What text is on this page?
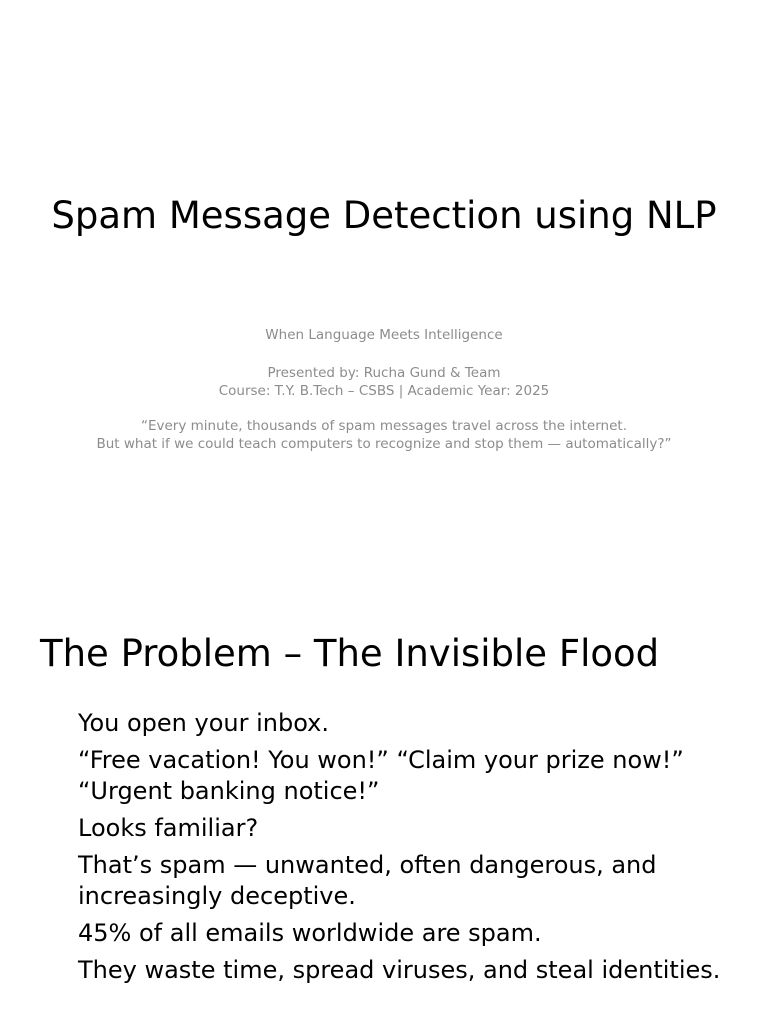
Spam Message Detection using NLP

When Language Meets Intelligence

Presented by: Rucha Gund & Team

Course: T.Y. B.Tech – CSBS | Academic Year: 2025

“Every minute, thousands of spam messages travel across the internet.

But what if we could teach computers to recognize and stop them — automatically?”

The Problem – The Invisible Flood
You open your inbox.
“Free vacation! You won!” “Claim your prize now!” “Urgent banking notice!”
Looks familiar?
That’s spam — unwanted, often dangerous, and increasingly deceptive.
45% of all emails worldwide are spam.
They waste time, spread viruses, and steal identities.
